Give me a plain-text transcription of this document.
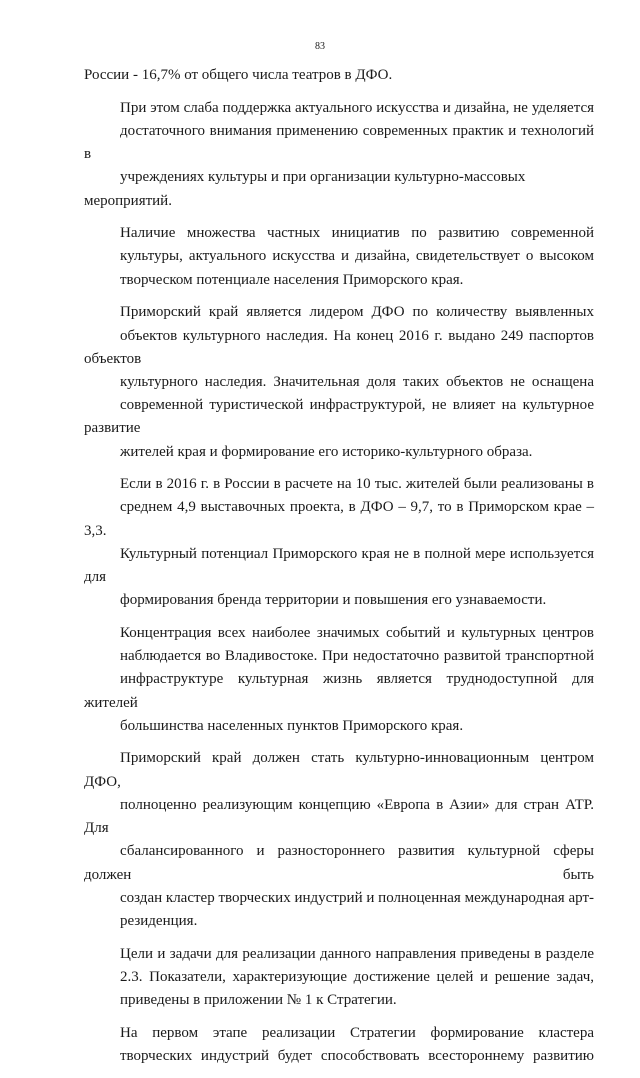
83

России - 16,7% от общего числа театров в ДФО.

При этом слаба поддержка актуального искусства и дизайна, не уделяется
достаточного внимания применению современных практик и технологий в
учреждениях культуры и при организации культурно-массовых мероприятий.

Наличие множества частных инициатив по развитию современной
культуры, актуального искусства и дизайна, свидетельствует о высоком
творческом потенциале населения Приморского края.

Приморский край является лидером ДФО по количеству выявленных
объектов культурного наследия. На конец 2016 г. выдано 249 паспортов объектов
культурного наследия. Значительная доля таких объектов не оснащена
современной туристической инфраструктурой, не влияет на культурное развитие
жителей края и формирование его историко-культурного образа.

Если в 2016 г. в России в расчете на 10 тыс. жителей были реализованы в
среднем 4,9 выставочных проекта, в ДФО – 9,7, то в Приморском крае – 3,3.
Культурный потенциал Приморского края не в полной мере используется для
формирования бренда территории и повышения его узнаваемости.

Концентрация всех наиболее значимых событий и культурных центров
наблюдается во Владивостоке. При недостаточно развитой транспортной
инфраструктуре культурная жизнь является труднодоступной для жителей
большинства населенных пунктов Приморского края.

Приморский край должен стать культурно-инновационным центром ДФО,
полноценно реализующим концепцию «Европа в Азии» для стран АТР. Для
сбалансированного и разностороннего развития культурной сферы должен быть
создан кластер творческих индустрий и полноценная международная арт-
резиденция.

Цели и задачи для реализации данного направления приведены в разделе
2.3. Показатели, характеризующие достижение целей и решение задач,
приведены в приложении № 1 к Стратегии.

На первом этапе реализации Стратегии формирование кластера
творческих индустрий будет способствовать всестороннему развитию
